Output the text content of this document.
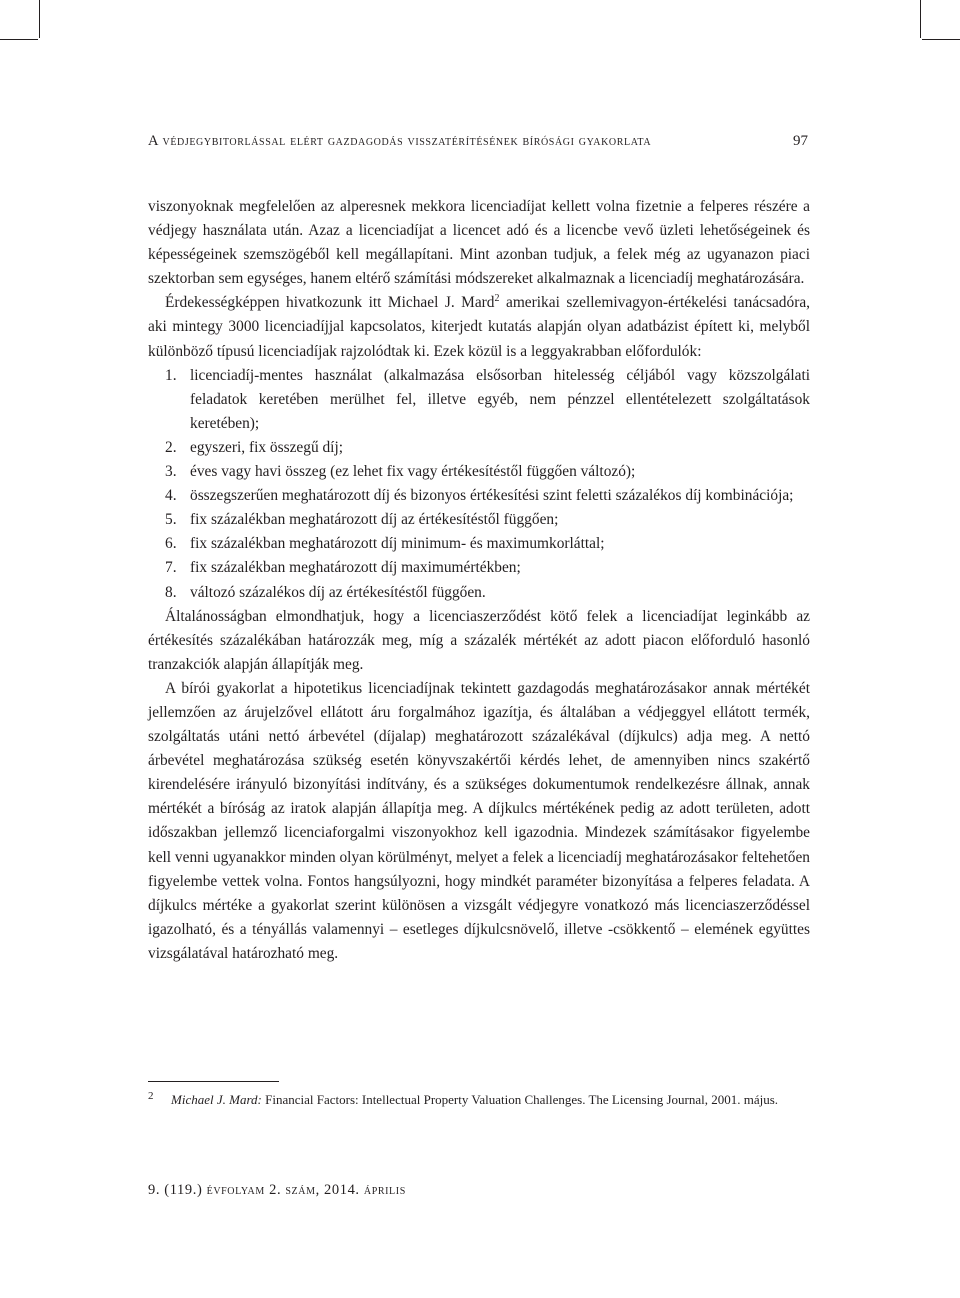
A védjegybitorlással elért gazdagodás visszatérítésének bírósági gyakorlata	97

viszonyoknak megfelelően az alperesnek mekkora licenciadíjat kellett volna fizetnie a felperes részére a védjegy használata után. Azaz a licenciadíjat a licencet adó és a licencbe vevő üzleti lehetőségeinek és képességeinek szemszögéből kell megállapítani. Mint azonban tudjuk, a felek még az ugyanazon piaci szektorban sem egységes, hanem eltérő számítási módszereket alkalmaznak a licenciadíj meghatározására.

Érdekességképpen hivatkozunk itt Michael J. Mard$^2$ amerikai szellemivagyon-értékelési tanácsadóra, aki mintegy 3000 licenciadíjjal kapcsolatos, kiterjedt kutatás alapján olyan adatbázist épített ki, melyből különböző típusú licenciadíjak rajzolódtak ki. Ezek közül is a leggyakrabban előfordulók:

1. licenciadíj-mentes használat (alkalmazása elsősorban hitelesség céljából vagy közszolgálati feladatok keretében merülhet fel, illetve egyéb, nem pénzzel ellentételezett szolgáltatások keretében);
2. egyszeri, fix összegű díj;
3. éves vagy havi összeg (ez lehet fix vagy értékesítéstől függően változó);
4. összegszerűen meghatározott díj és bizonyos értékesítési szint feletti százalékos díj kombinációja;
5. fix százalékban meghatározott díj az értékesítéstől függően;
6. fix százalékban meghatározott díj minimum- és maximumkorláttal;
7. fix százalékban meghatározott díj maximumértékben;
8. változó százalékos díj az értékesítéstől függően.

Általánosságban elmondhatjuk, hogy a licenciaszerződést kötő felek a licenciadíjat leginkább az értékesítés százalékában határozzák meg, míg a százalék mértékét az adott piacon előforduló hasonló tranzakciók alapján állapítják meg.

A bírói gyakorlat a hipotetikus licenciadíjnak tekintett gazdagodás meghatározásakor annak mértékét jellemzően az árujelzővel ellátott áru forgalmához igazítja, és általában a védjeggyel ellátott termék, szolgáltatás utáni nettó árbevétel (díjalap) meghatározott százalékával (díjkulcs) adja meg. A nettó árbevétel meghatározása szükség esetén könyvszakértői kérdés lehet, de amennyiben nincs szakértő kirendelésére irányuló bizonyítási indítvány, és a szükséges dokumentumok rendelkezésre állnak, annak mértékét a bíróság az iratok alapján állapítja meg. A díjkulcs mértékének pedig az adott területen, adott időszakban jellemző licenciaforgalmi viszonyokhoz kell igazodnia. Mindezek számításakor figyelembe kell venni ugyanakkor minden olyan körülményt, melyet a felek a licenciadíj meghatározásakor feltehetően figyelembe vettek volna. Fontos hangsúlyozni, hogy mindkét paraméter bizonyítása a felperes feladata. A díjkulcs mértéke a gyakorlat szerint különösen a vizsgált védjegyre vonatkozó más licenciaszerződéssel igazolható, és a tényállás valamennyi – esetleges díjkulcsnövelő, illetve -csökkentő – elemének együttes vizsgálatával határozható meg.

2 Michael J. Mard: Financial Factors: Intellectual Property Valuation Challenges. The Licensing Journal, 2001. május.
9. (119.) évfolyam 2. szám, 2014. április
